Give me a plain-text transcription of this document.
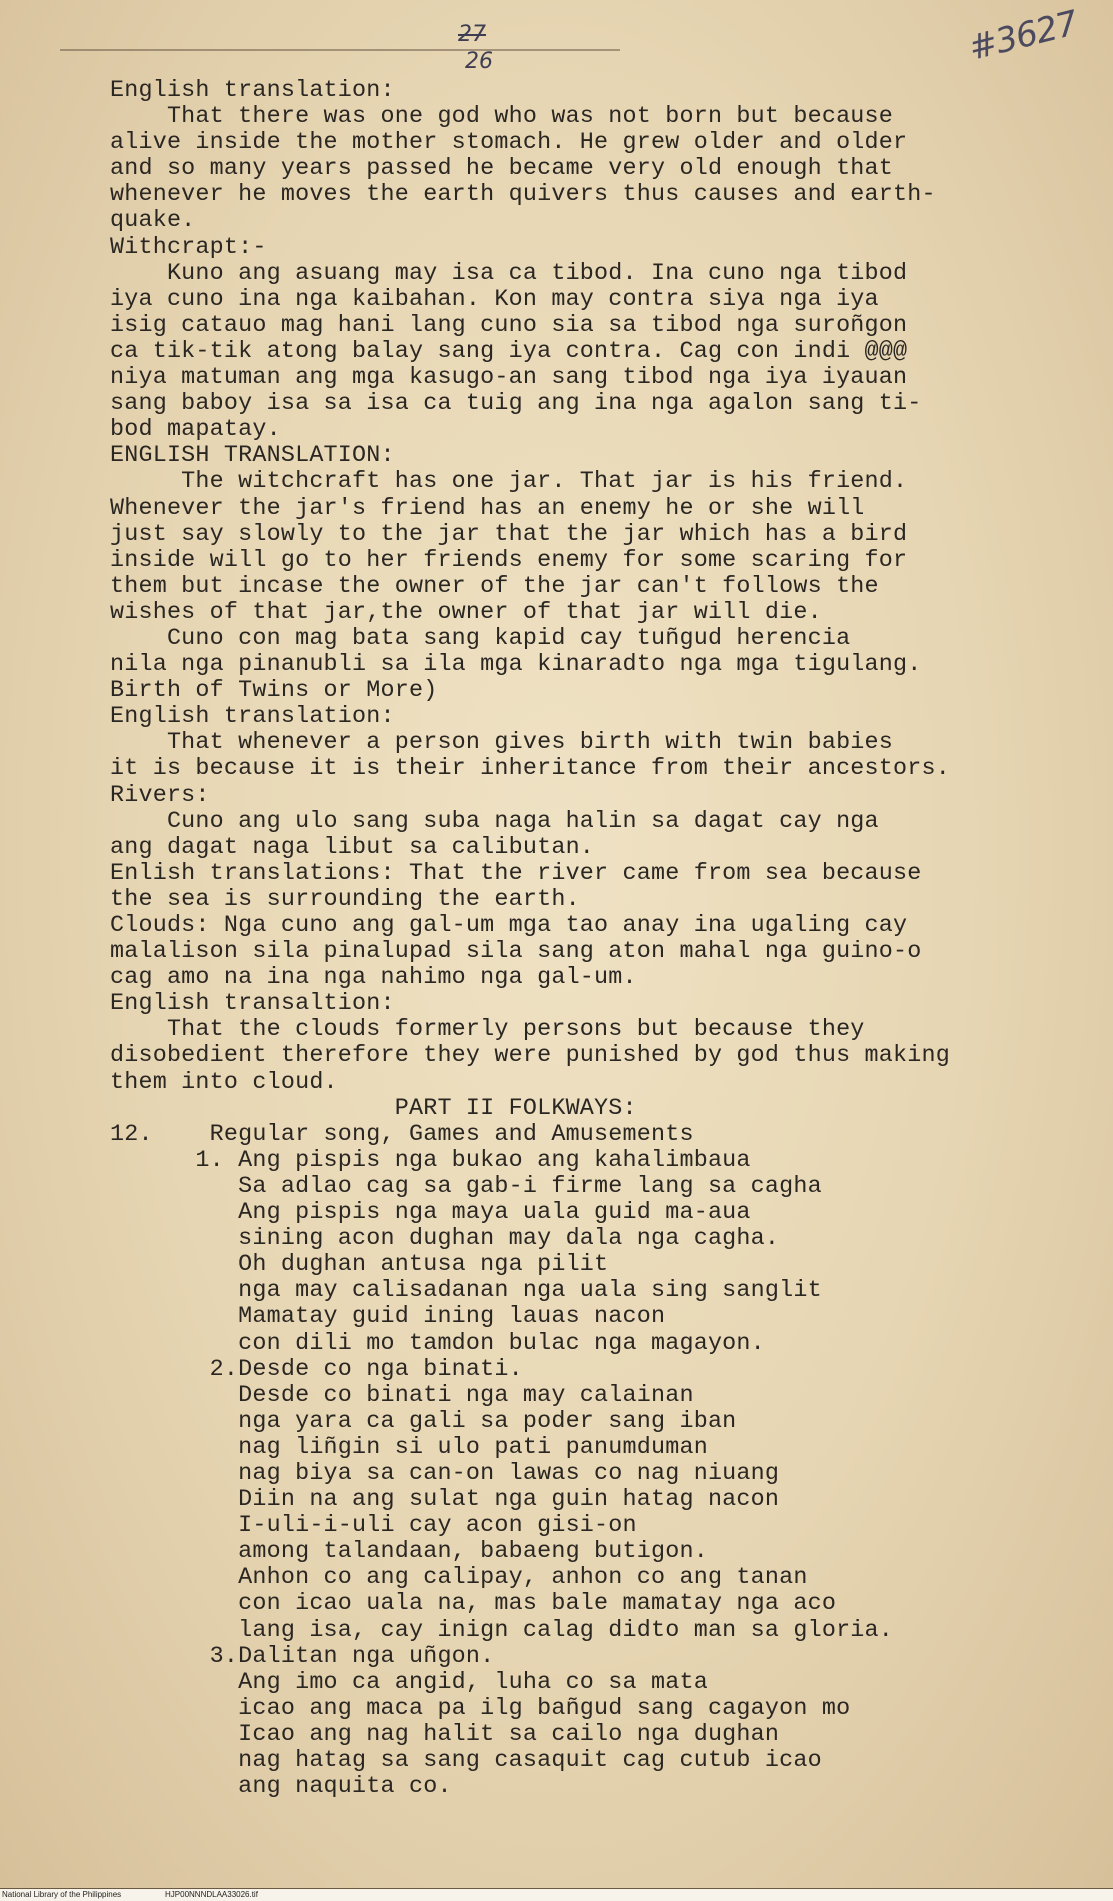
27
26	#3627
English translation:
That there was one god who was not born but because
alive inside the mother stomach. He grew older and older
and so many years passed he became very old enough that
whenever he moves the earth quivers thus causes and earth-
quake.
Withcrapt:-
Kuno ang asuang may isa ca tibod. Ina cuno nga tibod
iya cuno ina nga kaibahan. Kon may contra siya nga iya
isig catauo mag hani lang cuno sia sa tibod nga suroñgon
ca tik-tik atong balay sang iya contra. Cag con indi @@@
niya matuman ang mga kasugo-an sang tibod nga iya iyauan
sang baboy isa sa isa ca tuig ang ina nga agalon sang ti-
bod mapatay.
ENGLISH TRANSLATION:
The witchcraft has one jar. That jar is his friend.
Whenever the jar's friend has an enemy he or she will
just say slowly to the jar that the jar which has a bird
inside will go to her friends enemy for some scaring for
them but incase the owner of the jar can't follows the
wishes of that jar,the owner of that jar will die.
Cuno con mag bata sang kapid cay tuñgud herencia
nila nga pinanubli sa ila mga kinaradto nga mga tigulang.
Birth of Twins or More)
English translation:
That whenever a person gives birth with twin babies
it is because it is their inheritance from their ancestors.
Rivers:
Cuno ang ulo sang suba naga halin sa dagat cay nga
ang dagat naga libut sa calibutan.
Enlish translations: That the river came from sea because
the sea is surrounding the earth.
Clouds: Nga cuno ang gal-um mga tao anay ina ugaling cay
malalison sila pinalupad sila sang aton mahal nga guino-o
cag amo na ina nga nahimo nga gal-um.
English transaltion:
That the clouds formerly persons but because they
disobedient therefore they were punished by god thus making
them into cloud.
PART II FOLKWAYS:
12.    Regular song, Games and Amusements
1. Ang pispis nga bukao ang kahalimbaua
Sa adlao cag sa gab-i firme lang sa cagha
Ang pispis nga maya uala guid ma-aua
sining acon dughan may dala nga cagha.
Oh dughan antusa nga pilit
nga may calisadanan nga uala sing sanglit
Mamatay guid ining lauas nacon
con dili mo tamdon bulac nga magayon.
2.Desde co nga binati.
Desde co binati nga may calainan
nga yara ca gali sa poder sang iban
nag liñgin si ulo pati panumduman
nag biya sa can-on lawas co nag niuang
Diin na ang sulat nga guin hatag nacon
I-uli-i-uli cay acon gisi-on
among talandaan, babaeng butigon.
Anhon co ang calipay, anhon co ang tanan
con icao uala na, mas bale mamatay nga aco
lang isa, cay inign calag didto man sa gloria.
3.Dalitan nga uñgon.
Ang imo ca angid, luha co sa mata
icao ang maca pa ilg bañgud sang cagayon mo
Icao ang nag halit sa cailo nga dughan
nag hatag sa sang casaquit cag cutub icao
ang naquita co.
National Library of the Philippines	HJP00NNNDLAA33026.tif
